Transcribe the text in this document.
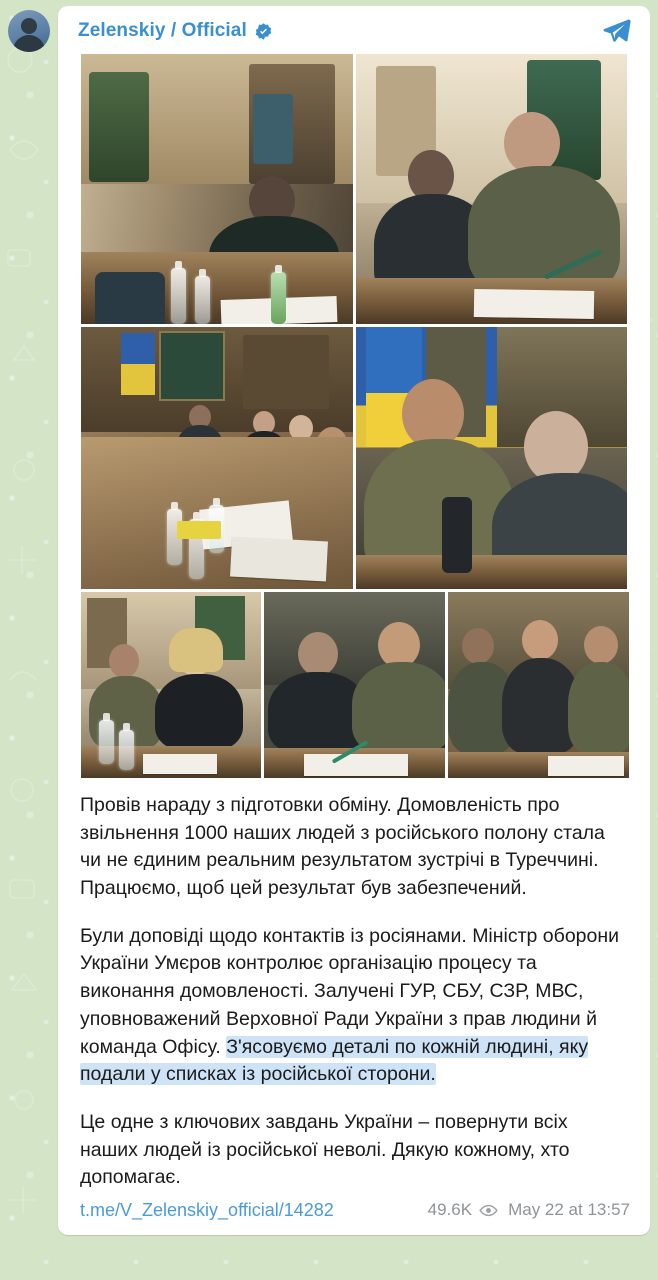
Zelenskiy / Official

Провів нараду з підготовки обміну. Домовленість про звільнення 1000 наших людей з російського полону стала чи не єдиним реальним результатом зустрічі в Туреччині. Працюємо, щоб цей результат був забезпечений.

Були доповіді щодо контактів із росіянами. Міністр оборони України Умєров контролює організацію процесу та виконання домовленості. Залучені ГУР, СБУ, СЗР, МВС, уповноважений Верховної Ради України з прав людини й команда Офісу. З'ясовуємо деталі по кожній людині, яку подали у списках із російської сторони.

Це одне з ключових завдань України – повернути всіх наших людей із російської неволі. Дякую кожному, хто допомагає.

t.me/V_Zelenskiy_official/14282	49.6K May 22 at 13:57
